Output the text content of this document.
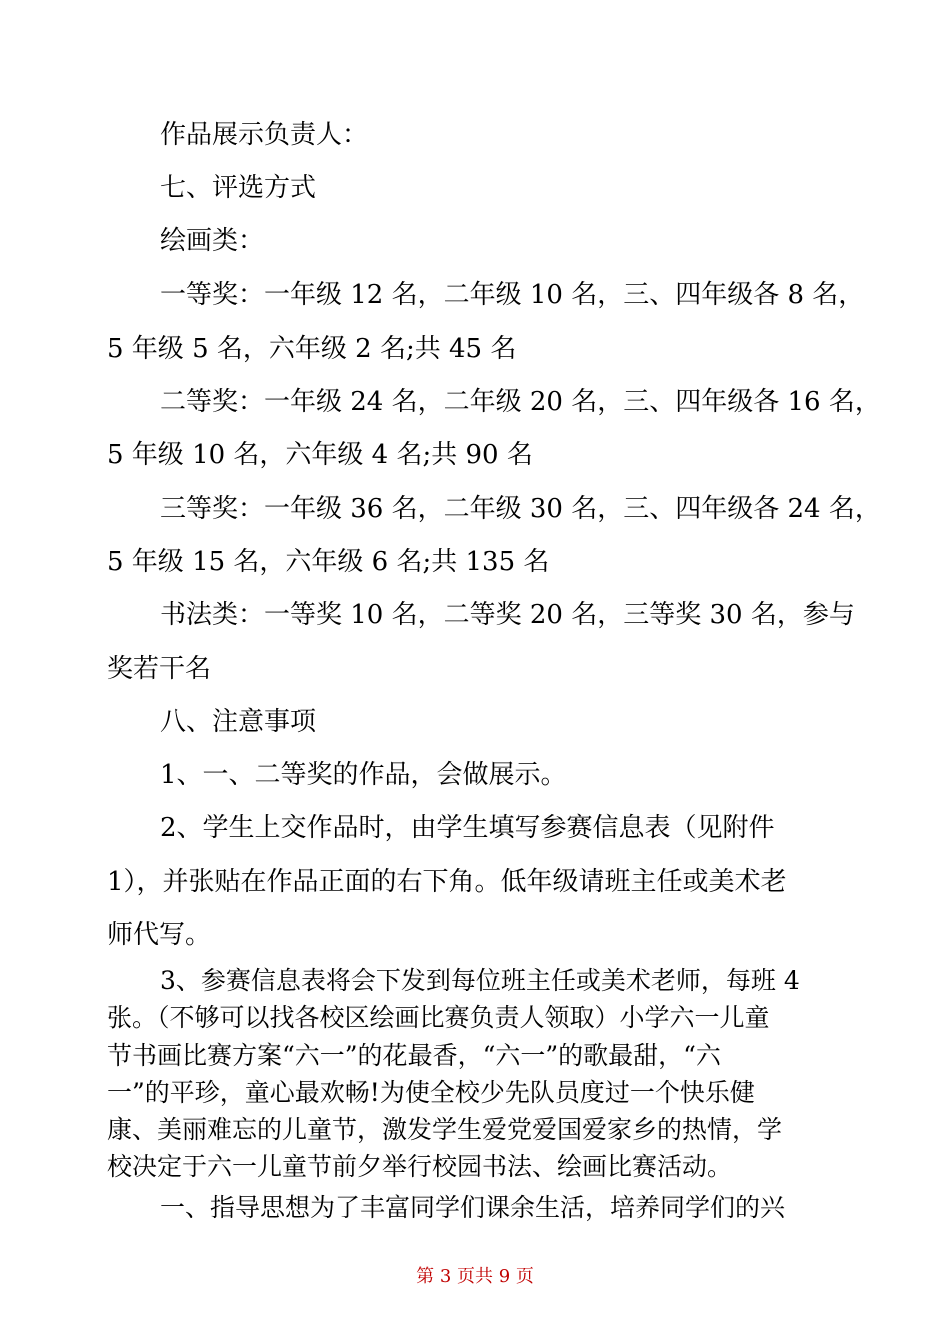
作品展示负责人：
七、评选方式
绘画类：
一等奖：一年级 12 名，二年级 10 名，三、四年级各 8 名，
5 年级 5 名，六年级 2 名;共 45 名
二等奖：一年级 24 名，二年级 20 名，三、四年级各 16 名，
5 年级 10 名，六年级 4 名;共 90 名
三等奖：一年级 36 名，二年级 30 名，三、四年级各 24 名，
5 年级 15 名，六年级 6 名;共 135 名
书法类：一等奖 10 名，二等奖 20 名，三等奖 30 名，参与
奖若干名
八、注意事项
1、一、二等奖的作品，会做展示。
2、学生上交作品时，由学生填写参赛信息表（见附件
1），并张贴在作品正面的右下角。低年级请班主任或美术老
师代写。
3、参赛信息表将会下发到每位班主任或美术老师，每班 4
张。（不够可以找各校区绘画比赛负责人领取）小学六一儿童
节书画比赛方案“六一”的花最香，“六一”的歌最甜，“六
一”的平珍，童心最欢畅!为使全校少先队员度过一个快乐健
康、美丽难忘的儿童节，激发学生爱党爱国爱家乡的热情，学
校决定于六一儿童节前夕举行校园书法、绘画比赛活动。
一、指导思想为了丰富同学们课余生活，培养同学们的兴
第 3 页共 9 页
